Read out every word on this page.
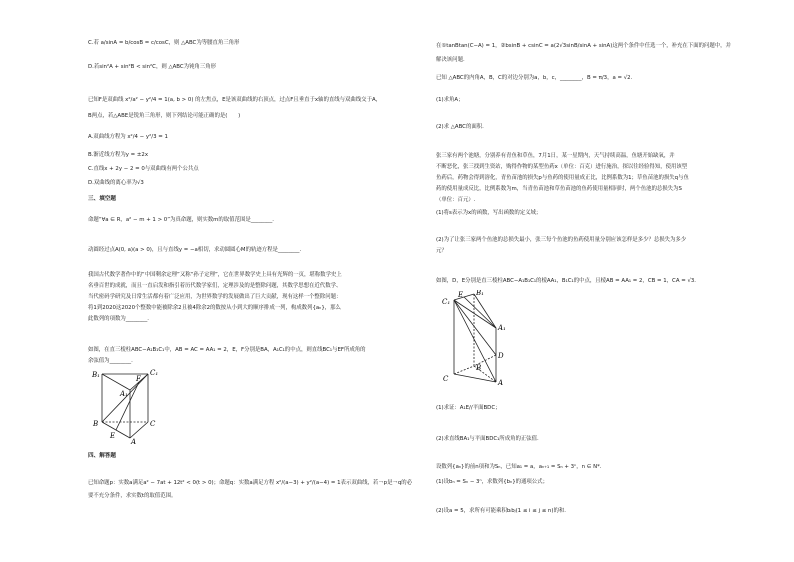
C.若 a/sinA = b/cosB = c/cosC，则 △ABC为等腰直角三角形
D.若sin²A + sin²B < sin²C，则 △ABC为钝角三角形
已知F是双曲线 x²/a² − y²/4 = 1(a, b > 0) 的左焦点，E是该双曲线的右顶点，过点F且垂直于x轴的直线与双曲线交于A，
B两点，若△ABE是锐角三角形，则下列结论可能正确的是(　　)
A.双曲线方程为 x²/4 − y²/3 = 1
B.渐近线方程为y = ±2x
C.直线x + 2y − 2 = 0与双曲线有两个公共点
D.双曲线的离心率为√3
三、填空题
命题“∀a ∈ R，a² − m + 1 > 0”为真命题，则实数m的取值范围是________.
动圆经过点A(0, a)(a > 0)，且与直线y = −a相切，求动圆圆心M的轨迹方程是________.
我国古代数学著作中的“中国剩余定理”又称“孙子定理”，它在世界数学史上具有光辉的一页，堪称数学史上
名垂百世的成就，而且一直启发和指引着历代数学家们，定理涉及的是整除问题，其数学思想在近代数学、
当代密码学研究及日常生活都有着广泛应用，为世界数学的发展做出了巨大贡献，现有这样一个整除问题：
将1到2020这2020个整数中能被除余2且被4除余2的数按从小到大的顺序排成一列，构成数列{aₙ}，那么
此数列的项数为________.
如图，在直三棱柱ABC−A₁B₁C₁中，AB = AC = AA₁ = 2，E，F分别是BA，A₁C₁的中点，则直线BC₁与EF所成角的
余弦值为________.
B₁	C₁
A₁
F
B	C
E
A
四、解答题
已知命题p：实数a满足a² − 7at + 12t² < 0(t > 0)；命题q：实数a满足方程 x²/(a−3) + y²/(a−4) = 1表示双曲线，若￢p是￢q的必
要不充分条件，求实数t的取值范围。
在①tanBtan(C−A) = 1，②bsinB + csinC = a(2√3sinB/sinA + sinA)这两个条件中任选一个，补充在下面的问题中，并
解决该问题.
已知 △ABC的内角A，B，C的对边分别为a，b，c，________，B = π/3，a = √2.
(1)求角A；
(2)求 △ABC的面积.
张三家有两个池塘，分别养有青鱼和草鱼，7月1日，某一星期内，天气持续高温，鱼塘开始缺氧，并
不断恶化，张三找到生资站，购得作物的某型鱼药x（单位：百克）进行施治，探以往经验得知，使用该型
鱼药后，药物会得到溶化，青鱼苗池的损失p与鱼药的使用量成正比，比例系数为1；草鱼苗池的损失q与鱼
药的使用量成反比，比例系数为m，当青鱼苗池和草鱼苗池的鱼药使用量相同时，两个鱼池的总损失为S
（单位：百元）.
(1)将s表示为x的函数，写出函数的定义域；
(2)为了让张三家两个鱼池的总损失最小，张三每个鱼池的鱼药使用量分别应该怎样是多少？总损失为多少
元？
如图，D，E分别是直三棱柱ABC−A₁B₁C₁的棱AA₁，B₁C₁的中点，且棱AB = AA₁ = 2，CB = 1，CA = √3.
E B₁
C₁
A₁
D
B
C	A
(1)求证：A₁E//平面BDC；
(2)求直线BA₁与平面BDC₁所成角的正弦值.
设数列{aₙ}的前n项和为Sₙ，已知a₁ = a，aₙ₊₁ = Sₙ + 3ⁿ，n ∈ N*.
(1)设bₙ = Sₙ − 3ⁿ，求数列{bₙ}的通项公式；
(2)设a = 5，求所有可能乘积bᵢbⱼ(1 ≤ i ≤ j ≤ n)的和.
